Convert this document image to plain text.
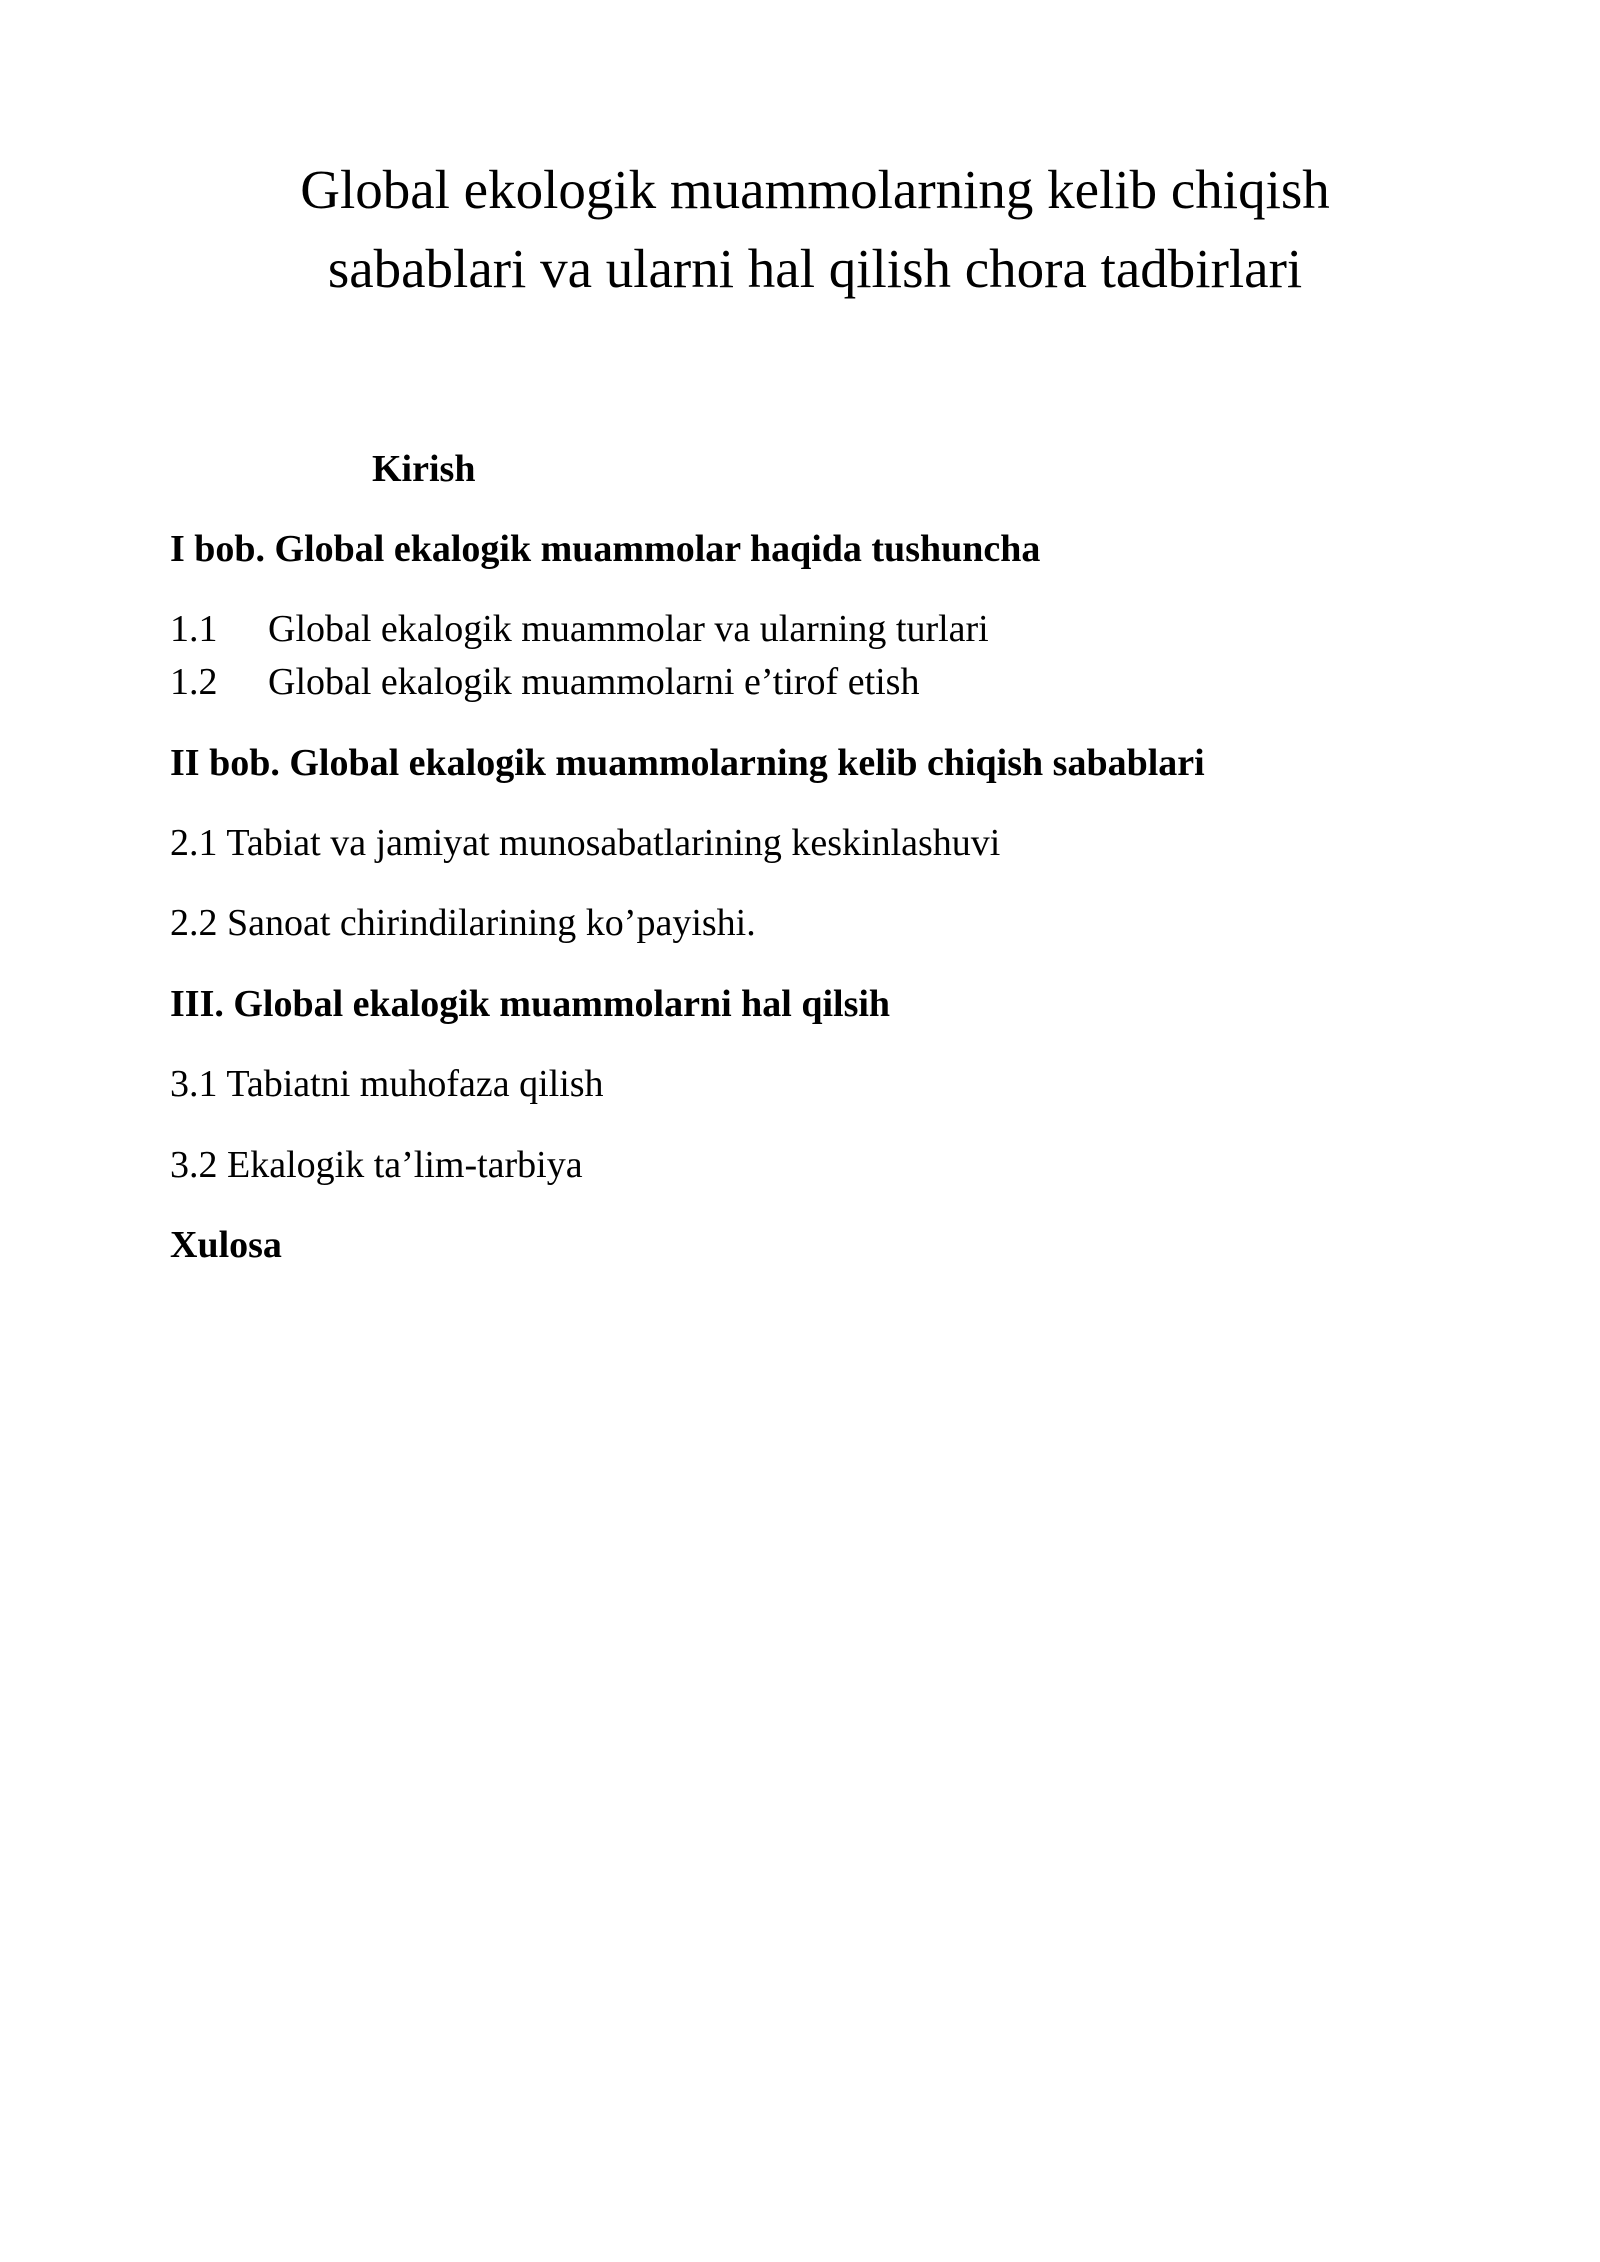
Global ekologik muammolarning kelib chiqish
sabablari va ularni hal qilish chora tadbirlari
Kirish
I bob. Global ekalogik muammolar haqida tushuncha
1.1 Global ekalogik muammolar va ularning turlari
1.2 Global ekalogik muammolarni e’tirof etish
II bob. Global ekalogik muammolarning kelib chiqish sabablari
2.1 Tabiat va jamiyat munosabatlarining keskinlashuvi
2.2 Sanoat chirindilarining ko’payishi.
III. Global ekalogik muammolarni hal qilsih
3.1 Tabiatni muhofaza qilish
3.2 Ekalogik ta’lim-tarbiya
Xulosa
